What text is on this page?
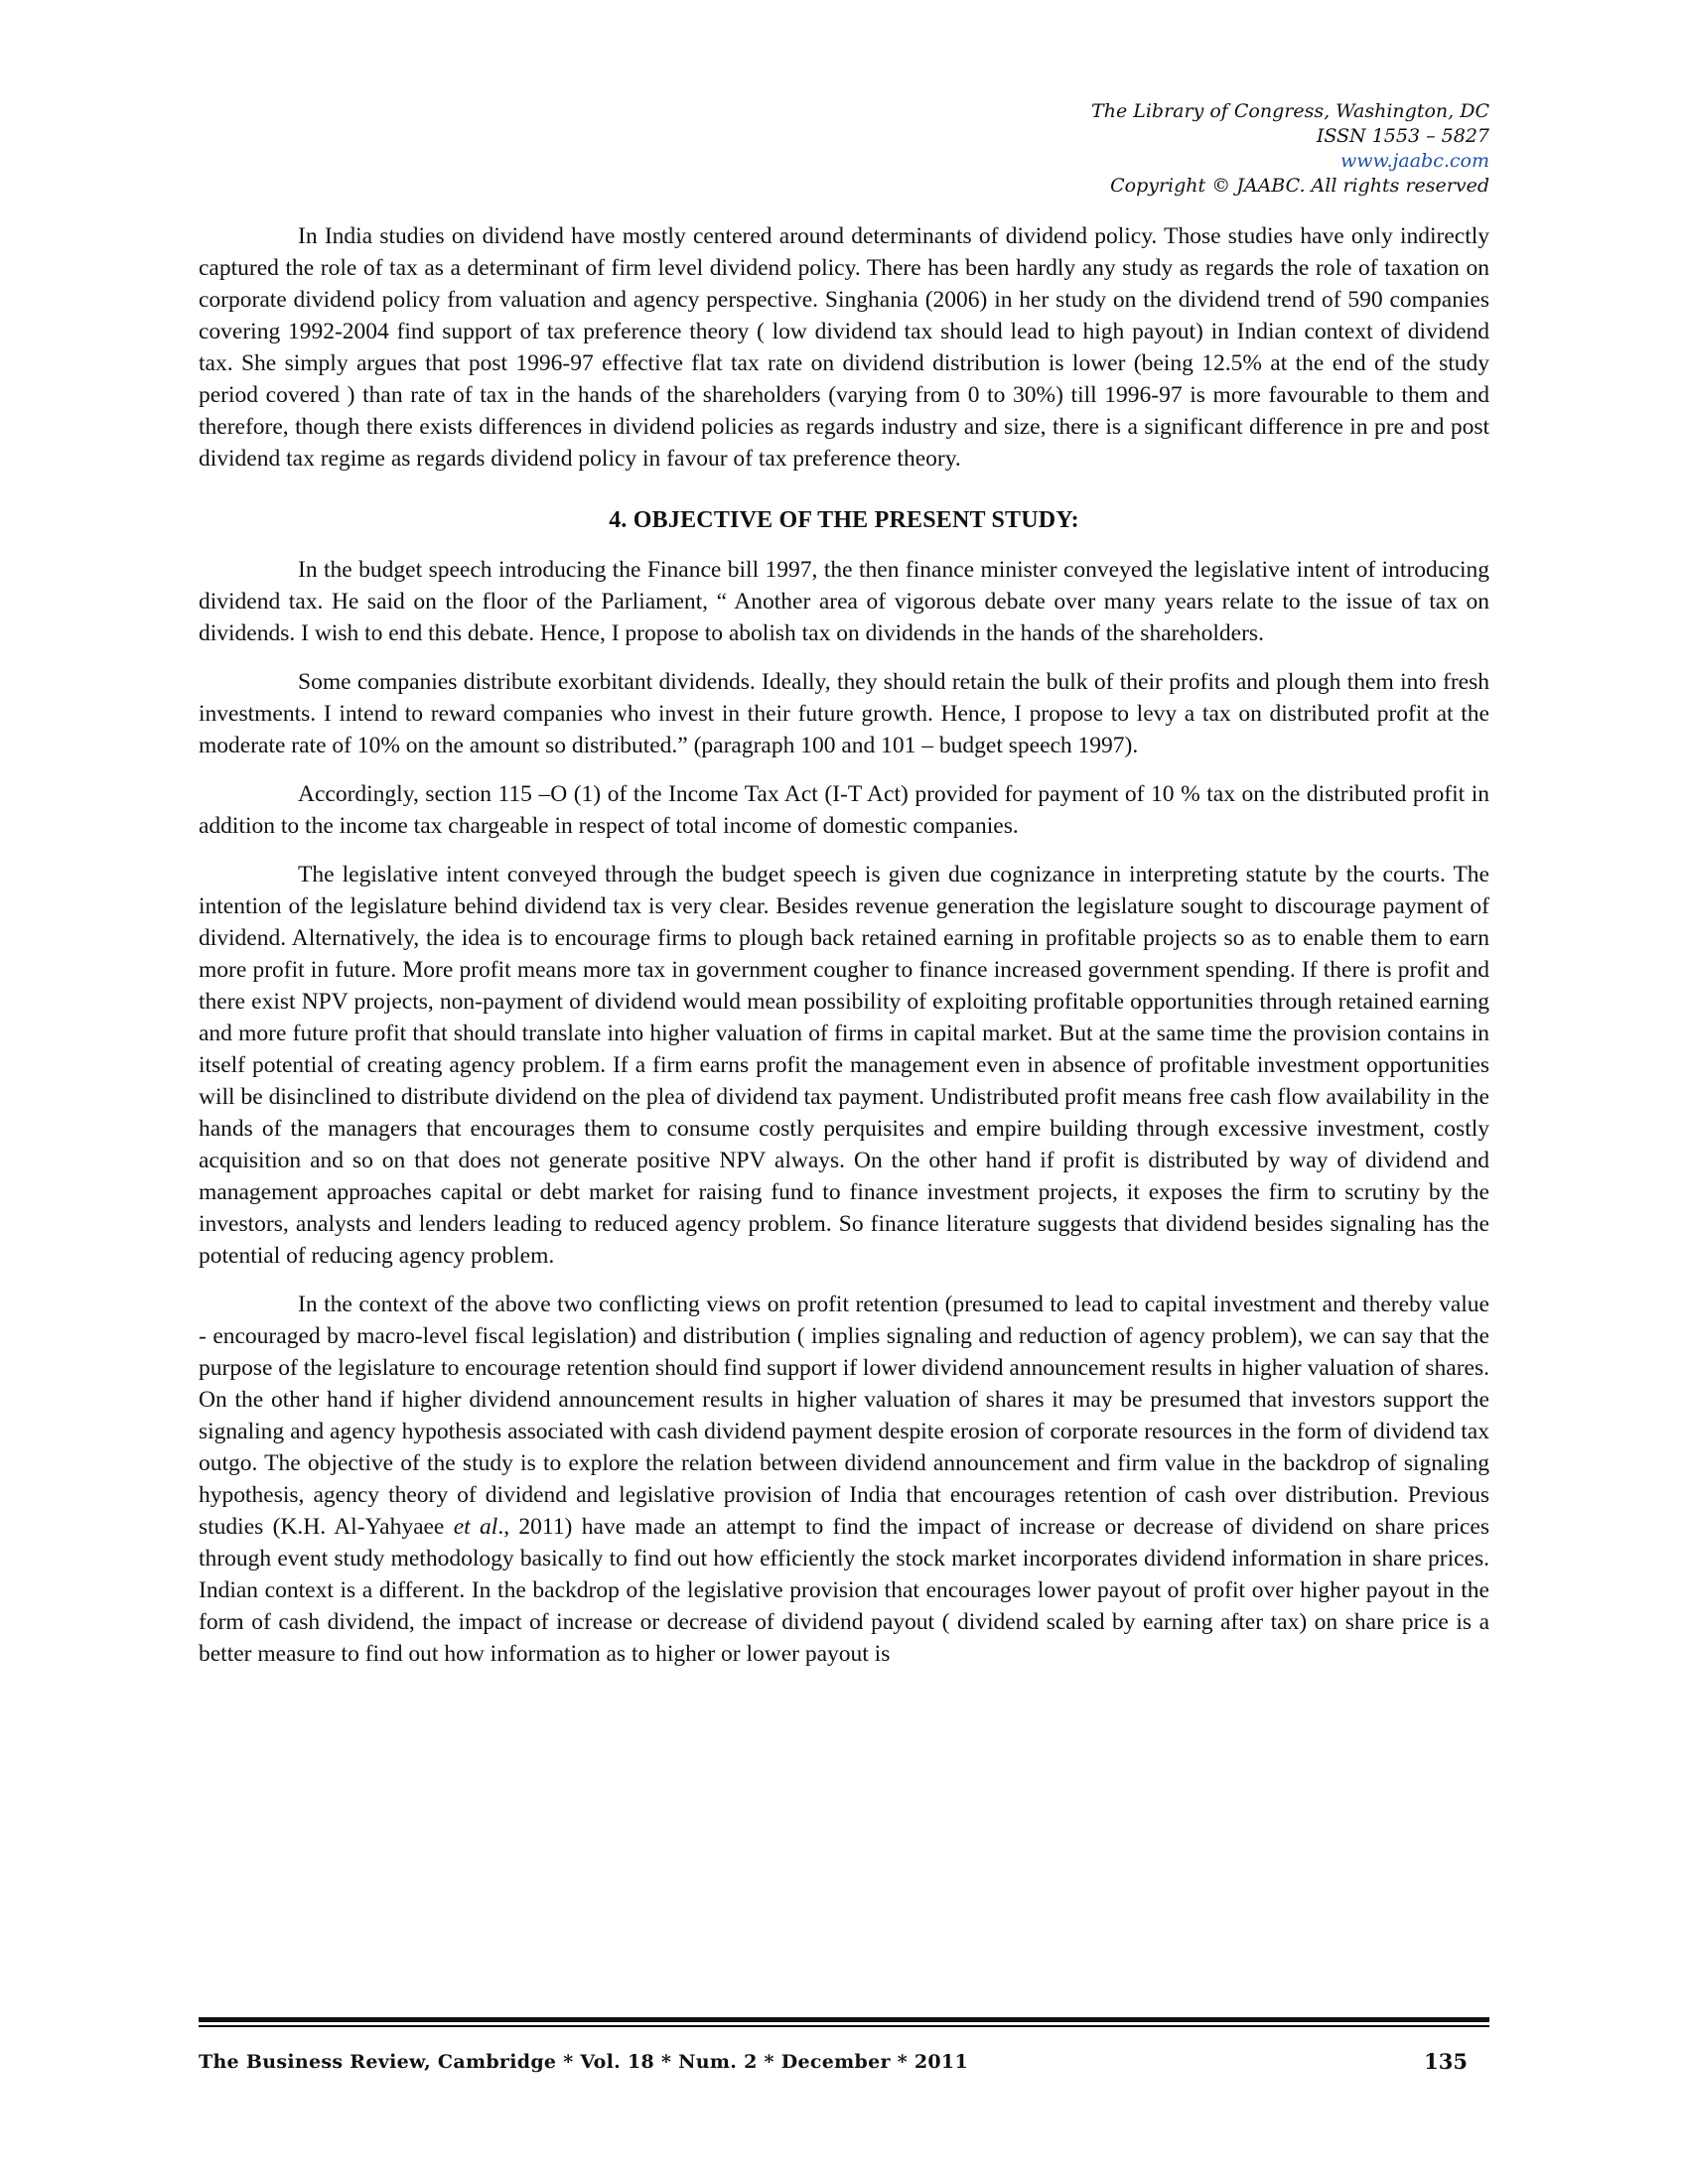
The Library of Congress, Washington, DC
ISSN 1553 – 5827
www.jaabc.com
Copyright © JAABC. All rights reserved

In India studies on dividend have mostly centered around determinants of dividend policy. Those studies have only indirectly captured the role of tax as a determinant of firm level dividend policy. There has been hardly any study as regards the role of taxation on corporate dividend policy from valuation and agency perspective. Singhania (2006) in her study on the dividend trend of 590 companies covering 1992-2004 find support of tax preference theory ( low dividend tax should lead to high payout) in Indian context of dividend tax. She simply argues that post 1996-97 effective flat tax rate on dividend distribution is lower (being 12.5% at the end of the study period covered ) than rate of tax in the hands of the shareholders (varying from 0 to 30%) till 1996-97 is more favourable to them and therefore, though there exists differences in dividend policies as regards industry and size, there is a significant difference in pre and post dividend tax regime as regards dividend policy in favour of tax preference theory.

4. OBJECTIVE OF THE PRESENT STUDY:

In the budget speech introducing the Finance bill 1997, the then finance minister conveyed the legislative intent of introducing dividend tax. He said on the floor of the Parliament, “ Another area of vigorous debate over many years relate to the issue of tax on dividends. I wish to end this debate. Hence, I propose to abolish tax on dividends in the hands of the shareholders.

Some companies distribute exorbitant dividends. Ideally, they should retain the bulk of their profits and plough them into fresh investments. I intend to reward companies who invest in their future growth. Hence, I propose to levy a tax on distributed profit at the moderate rate of 10% on the amount so distributed.” (paragraph 100 and 101 – budget speech 1997).

Accordingly, section 115 –O (1) of the Income Tax Act (I-T Act) provided for payment of 10 % tax on the distributed profit in addition to the income tax chargeable in respect of total income of domestic companies.

The legislative intent conveyed through the budget speech is given due cognizance in interpreting statute by the courts. The intention of the legislature behind dividend tax is very clear. Besides revenue generation the legislature sought to discourage payment of dividend. Alternatively, the idea is to encourage firms to plough back retained earning in profitable projects so as to enable them to earn more profit in future. More profit means more tax in government cougher to finance increased government spending. If there is profit and there exist NPV projects, non-payment of dividend would mean possibility of exploiting profitable opportunities through retained earning and more future profit that should translate into higher valuation of firms in capital market. But at the same time the provision contains in itself potential of creating agency problem. If a firm earns profit the management even in absence of profitable investment opportunities will be disinclined to distribute dividend on the plea of dividend tax payment. Undistributed profit means free cash flow availability in the hands of the managers that encourages them to consume costly perquisites and empire building through excessive investment, costly acquisition and so on that does not generate positive NPV always. On the other hand if profit is distributed by way of dividend and management approaches capital or debt market for raising fund to finance investment projects, it exposes the firm to scrutiny by the investors, analysts and lenders leading to reduced agency problem. So finance literature suggests that dividend besides signaling has the potential of reducing agency problem.

In the context of the above two conflicting views on profit retention (presumed to lead to capital investment and thereby value - encouraged by macro-level fiscal legislation) and distribution ( implies signaling and reduction of agency problem), we can say that the purpose of the legislature to encourage retention should find support if lower dividend announcement results in higher valuation of shares. On the other hand if higher dividend announcement results in higher valuation of shares it may be presumed that investors support the signaling and agency hypothesis associated with cash dividend payment despite erosion of corporate resources in the form of dividend tax outgo. The objective of the study is to explore the relation between dividend announcement and firm value in the backdrop of signaling hypothesis, agency theory of dividend and legislative provision of India that encourages retention of cash over distribution. Previous studies (K.H. Al-Yahyaee et al., 2011) have made an attempt to find the impact of increase or decrease of dividend on share prices through event study methodology basically to find out how efficiently the stock market incorporates dividend information in share prices. Indian context is a different. In the backdrop of the legislative provision that encourages lower payout of profit over higher payout in the form of cash dividend, the impact of increase or decrease of dividend payout ( dividend scaled by earning after tax) on share price is a better measure to find out how information as to higher or lower payout is

The Business Review, Cambridge * Vol. 18 * Num. 2 * December * 2011	135
